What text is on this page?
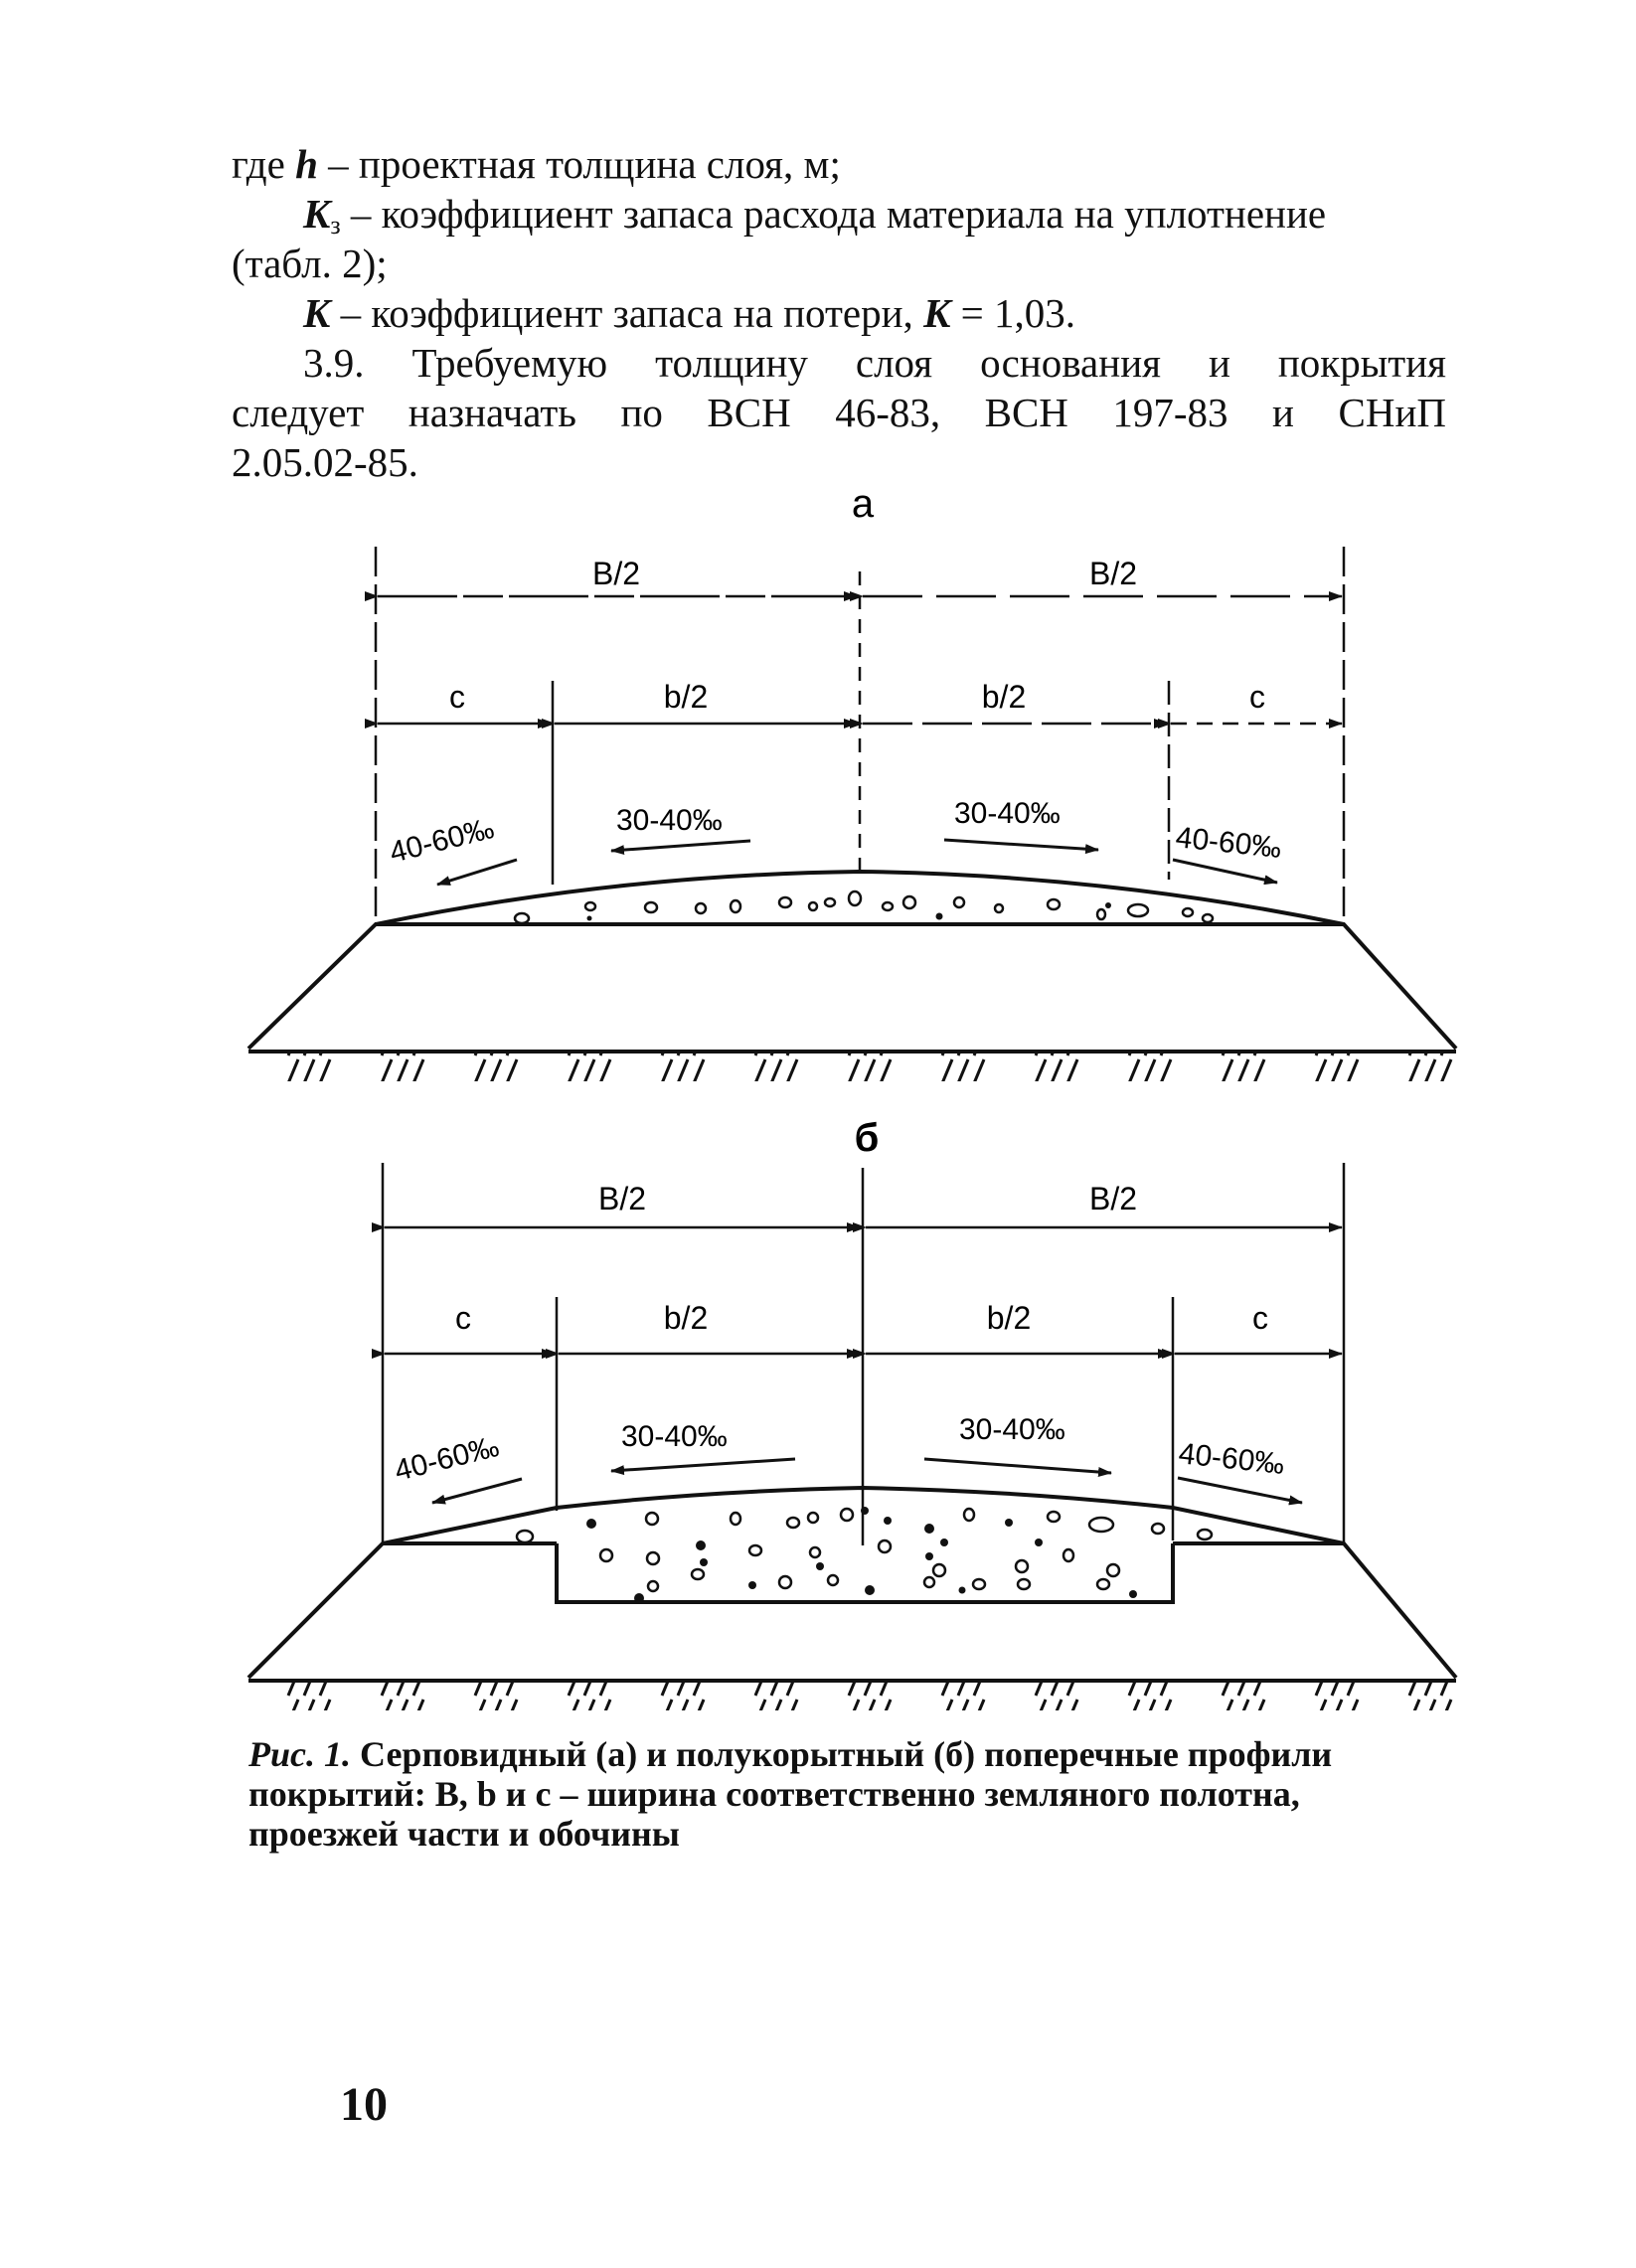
где h – проектная толщина слоя, м;
$K_з$ – коэффициент запаса расхода материала на уплотнение
(табл. 2);
K – коэффициент запаса на потери, K = 1,03.
3.9. Требуемую толщину слоя основания и покрытия
следует назначать по ВСН 46-83, ВСН 197-83 и СНиП
2.05.02-85.
а
B/2	B/2
c	b/2	b/2	c
40-60‰	30-40‰	30-40‰
40-60‰
б
B/2	B/2
c	b/2	b/2	c
40-60‰	30-40‰	30-40‰
40-60‰
Рис. 1. Серповидный (а) и полукорытный (б) поперечные профили
покрытий: B, b и c – ширина соответственно земляного полотна,
проезжей части и обочины
10
